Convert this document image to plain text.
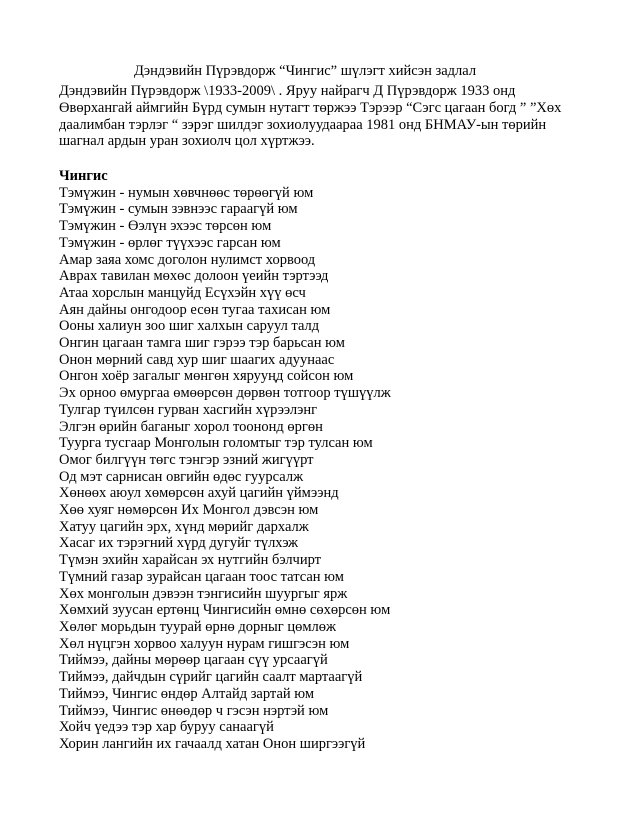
Дэндэвийн Пүрэвдорж “Чингис” шүлэгт хийсэн задлал
Дэндэвийн Пүрэвдорж \1933-2009\ . Яруу найрагч Д Пүрэвдорж 1933 онд
Өвөрхангай аймгийн Бүрд сумын нутагт төржээ Тэрээр “Сэгс цагаан богд ” ”Хөх
даалимбан тэрлэг “ зэрэг шилдэг зохиолуудаараа 1981 онд БНМАУ-ын төрийн
шагнал ардын уран зохиолч цол хүртжээ.
Чингис
Тэмүжин - нумын хөвчнөөс төрөөгүй юм
Тэмүжин - сумын зэвнээс гараагүй юм
Тэмүжин - Өэлүн эхээс төрсөн юм
Тэмүжин - өрлөг түүхээс гарсан юм
Амар заяа хомс доголон нулимст хорвоод
Аврах тавилан мөхөс долоон үеийн тэртээд
Атаа хорслын манцуйд Есүхэйн хүү өсч
Аян дайны онгодоор есөн тугаа тахисан юм
Ооны халиун зоо шиг халхын саруул талд
Онгин цагаан тамга шиг гэрээ тэр барьсан юм
Онон мөрний савд хур шиг шаагих адуунаас
Онгон хоёр загалыг мөнгөн хярууңд сойсон юм
Эх орноо өмургаа өмөөрсөн дөрвөн тотгоор түшүүлж
Тулгар түилсөн гурван хасгийн хүрээлэнг
Элгэн өрийн баганыг хорол тоононд өргөн
Туурга тусгаар Монголын голомтыг тэр тулсан юм
Омог билгүүн төгс тэнгэр эзний жигүүрт
Од мэт сарнисан овгийн өдөс гуурсалж
Хөнөөх аюул хөмөрсөн ахуй цагийн үймээнд
Хөө хуяг нөмөрсөн Их Монгол дэвсэн юм
Хатуу цагийн эрх, хүнд мөрийг дархалж
Хасаг их тэрэгний хүрд дугуйг түлхэж
Түмэн эхийн харайсан эх нутгийн бэлчирт
Түмний газар зурайсан цагаан тоос татсан юм
Хөх монголын дэвээн тэнгисийн шуургыг ярж
Хөмхий зуусан ертөнц Чингисийн өмнө сөхөрсөн юм
Хөлөг морьдын туурай өрнө дорныг цөмлөж
Хөл нүцгэн хорвоо халуун нурам гишгэсэн юм
Тиймээ, дайны мөрөөр цагаан сүү урсаагүй
Тиймээ, дайчдын сүрийг цагийн саалт мартаагүй
Тиймээ, Чингис өндөр Алтайд зартай юм
Тиймээ, Чингис өнөөдөр ч гэсэн нэртэй юм
Хойч үедээ тэр хар буруу санаагүй
Хорин лангийн их гачаалд хатан Онон ширгээгүй
